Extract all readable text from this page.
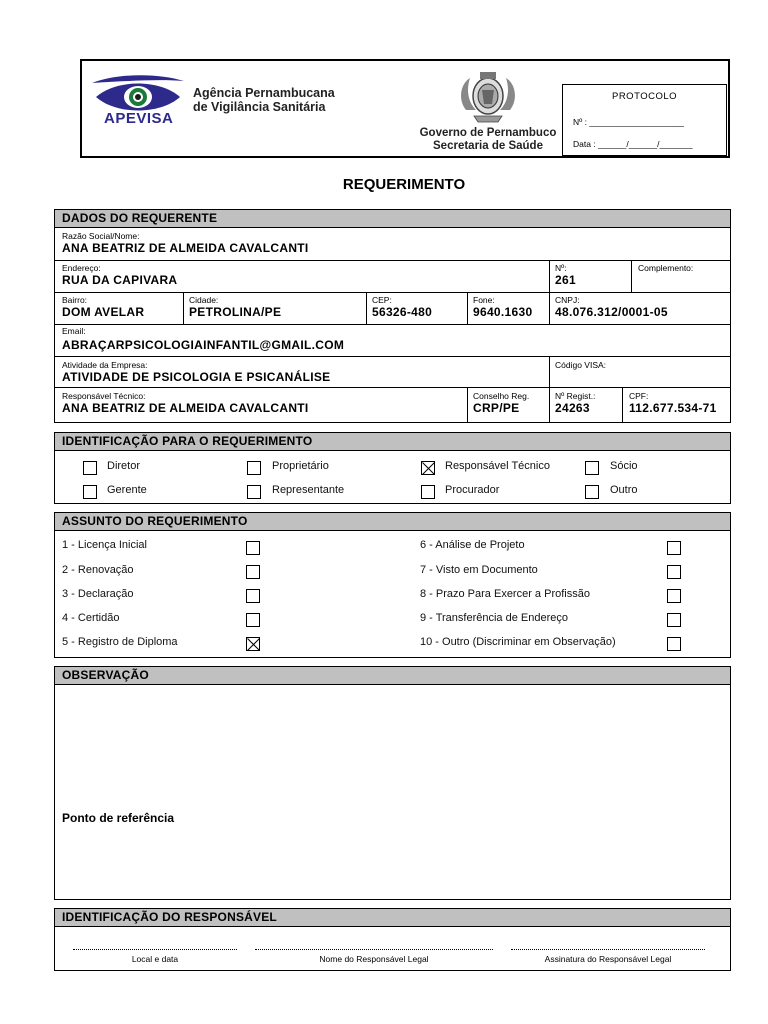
APEVISA
Agência Pernambucana
de Vigilância Sanitária
Governo de Pernambuco
Secretaria de Saúde
PROTOCOLO
Nº : ____________________
Data : ______/______/_______
REQUERIMENTO
DADOS DO REQUERENTE
Razão Social/Nome:
ANA BEATRIZ DE ALMEIDA CAVALCANTI
Endereço:
RUA DA CAPIVARA
Nº:
261
Complemento:
Bairro:
DOM AVELAR
Cidade:
PETROLINA/PE
CEP:
56326-480
Fone:
9640.1630
CNPJ:
48.076.312/0001-05
Email:
ABRAÇARPSICOLOGIAINFANTIL@GMAIL.COM
Atividade da Empresa:
ATIVIDADE DE PSICOLOGIA E PSICANÁLISE
Código VISA:
Responsável Técnico:
ANA BEATRIZ DE ALMEIDA CAVALCANTI
Conselho Reg.
CRP/PE
Nº Regist.:
24263
CPF:
112.677.534-71
IDENTIFICAÇÃO PARA O REQUERIMENTO
Diretor	Proprietário	Responsável Técnico	Sócio
Gerente	Representante	Procurador	Outro
ASSUNTO DO REQUERIMENTO
1 - Licença Inicial
2 - Renovação
3 - Declaração
4 - Certidão
5 - Registro de Diploma
6 - Análise de Projeto
7 - Visto em Documento
8 - Prazo Para Exercer a Profissão
9 - Transferência de Endereço
10 - Outro (Discriminar em Observação)
OBSERVAÇÃO
Ponto de referência
IDENTIFICAÇÃO DO RESPONSÁVEL
Local e data	Nome do Responsável Legal	Assinatura do Responsável Legal
